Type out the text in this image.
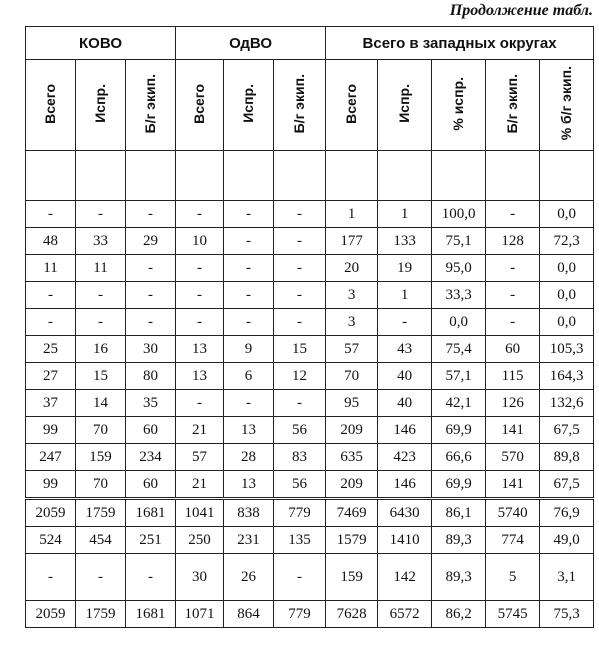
Продолжение табл.
КОВО			ОдВО			Всего в западных округах				
Всего	Испр.	Б/г экип.	Всего	Испр.	Б/г экип.	Всего	Испр.	% испр.	Б/г экип.	% б/г экип.

-	-	-	-	-	-	1	1	100,0	-	0,0
48	33	29	10	-	-	177	133	75,1	128	72,3
11	11	-	-	-	-	20	19	95,0	-	0,0
-	-	-	-	-	-	3	1	33,3	-	0,0
-	-	-	-	-	-	3	-	0,0	-	0,0
25	16	30	13	9	15	57	43	75,4	60	105,3
27	15	80	13	6	12	70	40	57,1	115	164,3
37	14	35	-	-	-	95	40	42,1	126	132,6
99	70	60	21	13	56	209	146	69,9	141	67,5
247	159	234	57	28	83	635	423	66,6	570	89,8
99	70	60	21	13	56	209	146	69,9	141	67,5
2059	1759	1681	1041	838	779	7469	6430	86,1	5740	76,9
524	454	251	250	231	135	1579	1410	89,3	774	49,0
-	-	-	30	26	-	159	142	89,3	5	3,1
2059	1759	1681	1071	864	779	7628	6572	86,2	5745	75,3
